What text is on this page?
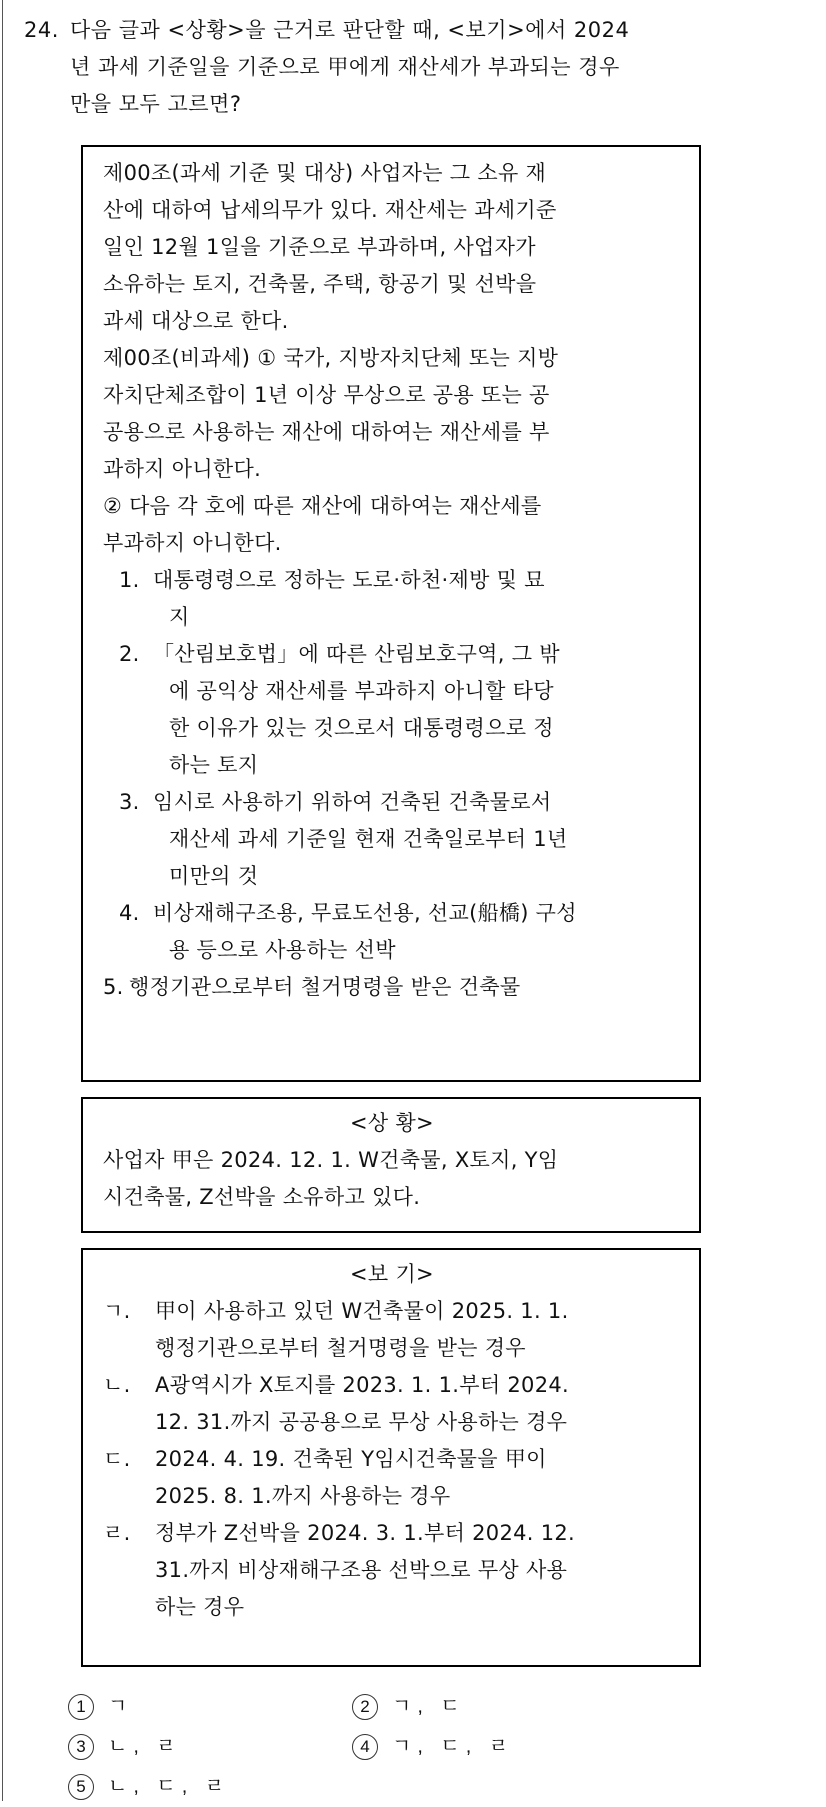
24. 다음 글과 <상황>을 근거로 판단할 때, <보기>에서 2024
년 과세 기준일을 기준으로 甲에게 재산세가 부과되는 경우
만을 모두 고르면?
제00조(과세 기준 및 대상) 사업자는 그 소유 재
산에 대하여 납세의무가 있다. 재산세는 과세기준
일인 12월 1일을 기준으로 부과하며, 사업자가
소유하는 토지, 건축물, 주택, 항공기 및 선박을
과세 대상으로 한다.
제00조(비과세) ① 국가, 지방자치단체 또는 지방
자치단체조합이 1년 이상 무상으로 공용 또는 공
공용으로 사용하는 재산에 대하여는 재산세를 부
과하지 아니한다.
② 다음 각 호에 따른 재산에 대하여는 재산세를
부과하지 아니한다.
1. 대통령령으로 정하는 도로·하천·제방 및 묘
지
2. 「산림보호법」에 따른 산림보호구역, 그 밖
에 공익상 재산세를 부과하지 아니할 타당
한 이유가 있는 것으로서 대통령령으로 정
하는 토지
3. 임시로 사용하기 위하여 건축된 건축물로서
재산세 과세 기준일 현재 건축일로부터 1년
미만의 것
4. 비상재해구조용, 무료도선용, 선교(船橋) 구성
용 등으로 사용하는 선박
5. 행정기관으로부터 철거명령을 받은 건축물
<상 황>
사업자 甲은 2024. 12. 1. W건축물, X토지, Y임
시건축물, Z선박을 소유하고 있다.
<보 기>
ㄱ. 甲이 사용하고 있던 W건축물이 2025. 1. 1.
행정기관으로부터 철거명령을 받는 경우
ㄴ. A광역시가 X토지를 2023. 1. 1.부터 2024.
12. 31.까지 공공용으로 무상 사용하는 경우
ㄷ. 2024. 4. 19. 건축된 Y임시건축물을 甲이
2025. 8. 1.까지 사용하는 경우
ㄹ. 정부가 Z선박을 2024. 3. 1.부터 2024. 12.
31.까지 비상재해구조용 선박으로 무상 사용
하는 경우
1 ㄱ	2 ㄱ, ㄷ
3 ㄴ, ㄹ	4 ㄱ, ㄷ, ㄹ
5 ㄴ, ㄷ, ㄹ
